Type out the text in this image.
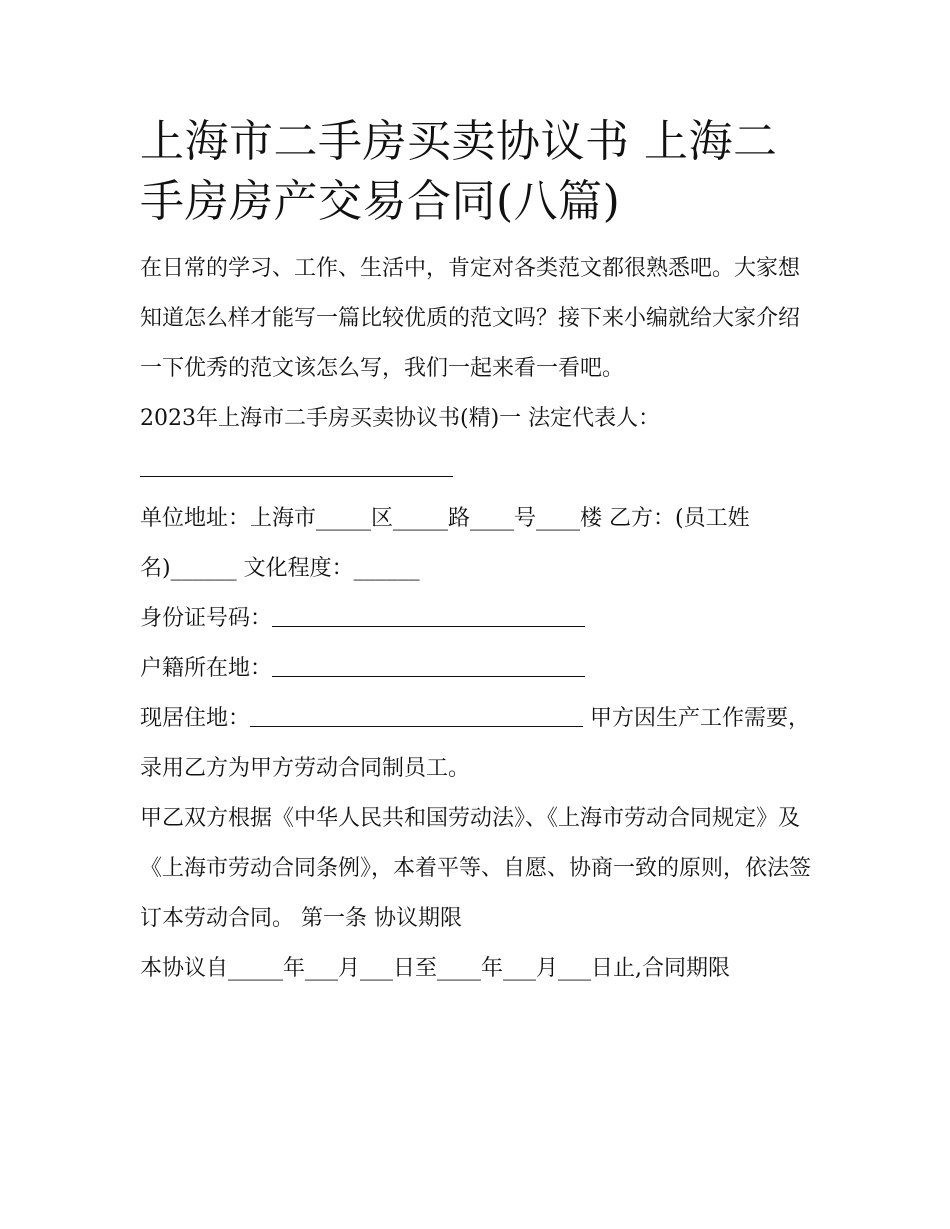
上海市二手房买卖协议书 上海二手房房产交易合同(八篇)

在日常的学习、工作、生活中，肯定对各类范文都很熟悉吧。大家想知道怎么样才能写一篇比较优质的范文吗？接下来小编就给大家介绍一下优秀的范文该怎么写，我们一起来看一看吧。

2023年上海市二手房买卖协议书(精)一 法定代表人：

单位地址：上海市_____区_____路____号____楼 乙方：(员工姓名)______ 文化程度：______

身份证号码：

户籍所在地：

现居住地：	甲方因生产工作需要，录用乙方为甲方劳动合同制员工。

甲乙双方根据《中华人民共和国劳动法》、《上海市劳动合同规定》及《上海市劳动合同条例》，本着平等、自愿、协商一致的原则，依法签订本劳动合同。 第一条 协议期限

本协议自_____年___月___日至____年___月___日止,合同期限
